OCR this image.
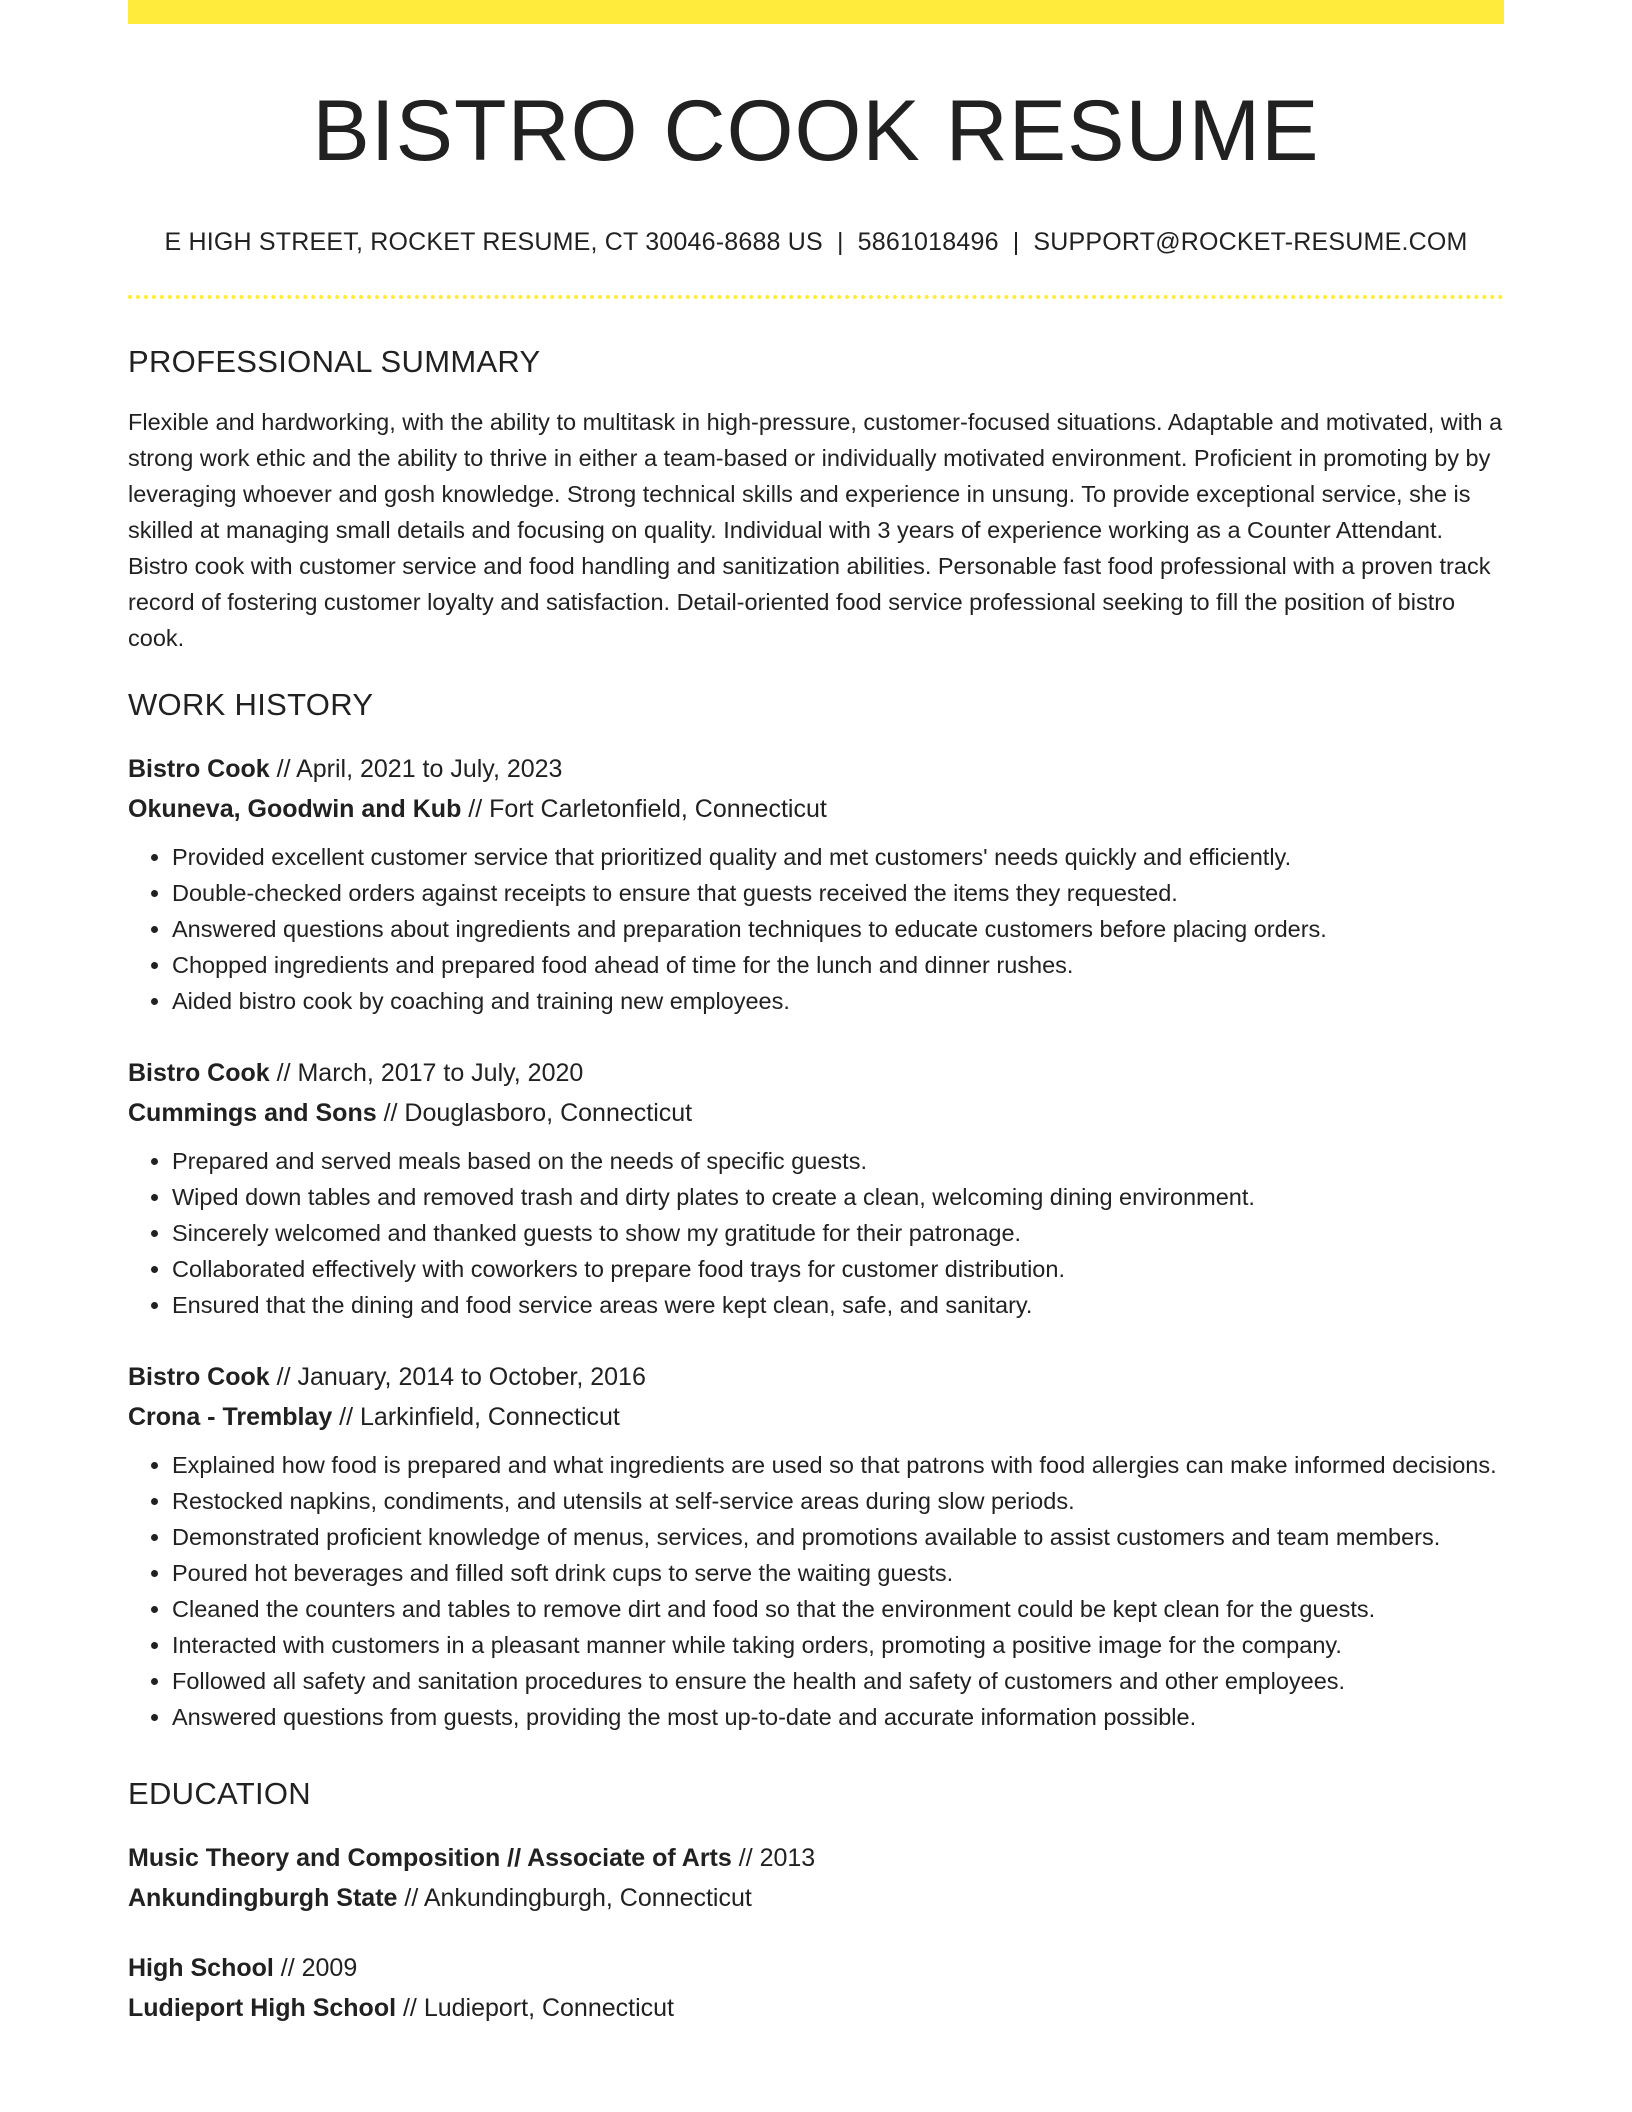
BISTRO COOK RESUME
E HIGH STREET, ROCKET RESUME, CT 30046-8688 US | 5861018496 | SUPPORT@ROCKET-RESUME.COM
PROFESSIONAL SUMMARY

Flexible and hardworking, with the ability to multitask in high-pressure, customer-focused situations. Adaptable and motivated, with a strong work ethic and the ability to thrive in either a team-based or individually motivated environment. Proficient in promoting by by leveraging whoever and gosh knowledge. Strong technical skills and experience in unsung. To provide exceptional service, she is skilled at managing small details and focusing on quality. Individual with 3 years of experience working as a Counter Attendant. Bistro cook with customer service and food handling and sanitization abilities. Personable fast food professional with a proven track record of fostering customer loyalty and satisfaction. Detail-oriented food service professional seeking to fill the position of bistro cook.

WORK HISTORY
Bistro Cook // April, 2021 to July, 2023
Okuneva, Goodwin and Kub // Fort Carletonfield, Connecticut
• Provided excellent customer service that prioritized quality and met customers' needs quickly and efficiently.
• Double-checked orders against receipts to ensure that guests received the items they requested.
• Answered questions about ingredients and preparation techniques to educate customers before placing orders.
• Chopped ingredients and prepared food ahead of time for the lunch and dinner rushes.
• Aided bistro cook by coaching and training new employees.
Bistro Cook // March, 2017 to July, 2020
Cummings and Sons // Douglasboro, Connecticut
• Prepared and served meals based on the needs of specific guests.
• Wiped down tables and removed trash and dirty plates to create a clean, welcoming dining environment.
• Sincerely welcomed and thanked guests to show my gratitude for their patronage.
• Collaborated effectively with coworkers to prepare food trays for customer distribution.
• Ensured that the dining and food service areas were kept clean, safe, and sanitary.
Bistro Cook // January, 2014 to October, 2016
Crona - Tremblay // Larkinfield, Connecticut
• Explained how food is prepared and what ingredients are used so that patrons with food allergies can make informed decisions.
• Restocked napkins, condiments, and utensils at self-service areas during slow periods.
• Demonstrated proficient knowledge of menus, services, and promotions available to assist customers and team members.
• Poured hot beverages and filled soft drink cups to serve the waiting guests.
• Cleaned the counters and tables to remove dirt and food so that the environment could be kept clean for the guests.
• Interacted with customers in a pleasant manner while taking orders, promoting a positive image for the company.
• Followed all safety and sanitation procedures to ensure the health and safety of customers and other employees.
• Answered questions from guests, providing the most up-to-date and accurate information possible.
EDUCATION
Music Theory and Composition // Associate of Arts // 2013
Ankundingburgh State // Ankundingburgh, Connecticut
High School // 2009
Ludieport High School // Ludieport, Connecticut
